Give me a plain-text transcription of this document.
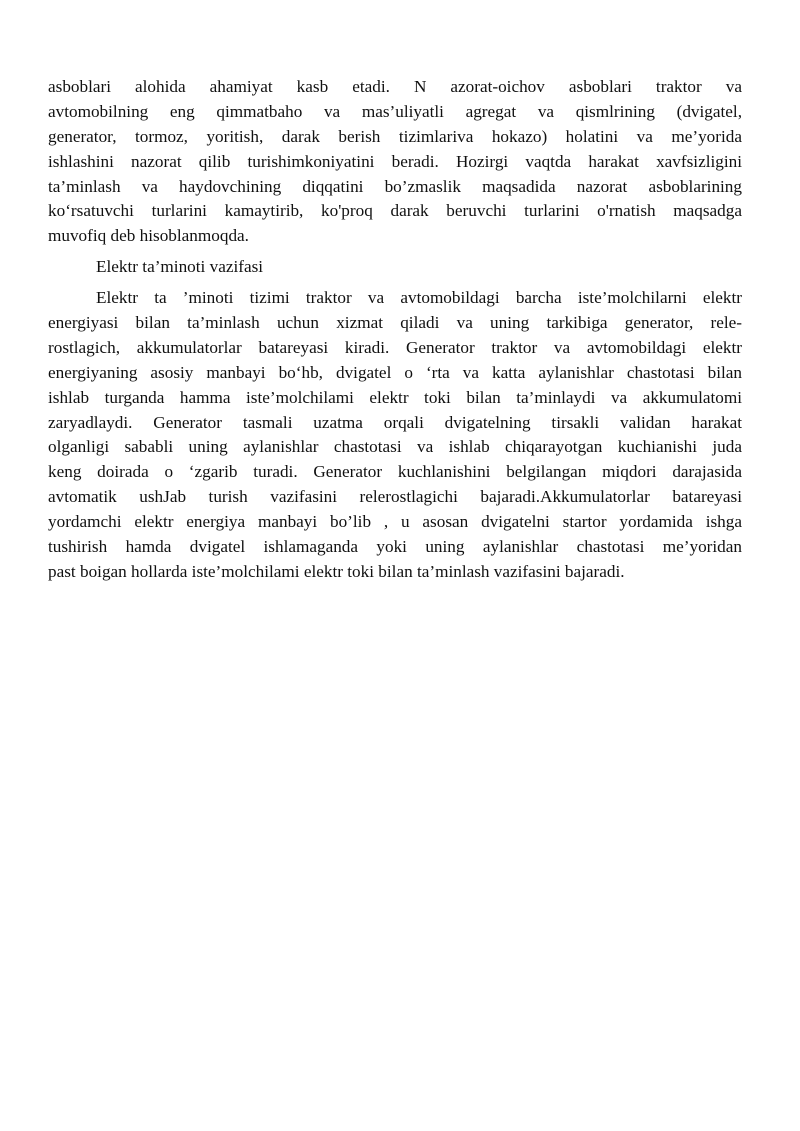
asboblari alohida ahamiyat kasb etadi. N azorat-oichov asboblari traktor va
avtomobilning eng qimmatbaho va mas’uliyatli agregat va qismlrining (dvigatel,
generator, tormoz, yoritish, darak berish tizimlariva hokazo) holatini va me’yorida
ishlashini nazorat qilib turishimkoniyatini beradi. Hozirgi vaqtda harakat xavfsizligini
ta’minlash va haydovchining diqqatini bo’zmaslik maqsadida nazorat asboblarining
ko‘rsatuvchi turlarini kamaytirib, ko'proq darak beruvchi turlarini o'rnatish maqsadga
muvofiq deb hisoblanmoqda.
Elektr ta’minoti vazifasi
Elektr ta ’minoti tizimi traktor va avtomobildagi barcha iste’molchilarni elektr
energiyasi bilan ta’minlash uchun xizmat qiladi va uning tarkibiga generator, rele-
rostlagich, akkumulatorlar batareyasi kiradi. Generator traktor va avtomobildagi elektr
energiyaning asosiy manbayi bo‘hb, dvigatel o ‘rta va katta aylanishlar chastotasi bilan
ishlab turganda hamma iste’molchilami elektr toki bilan ta’minlaydi va akkumulatomi
zaryadlaydi. Generator tasmali uzatma orqali dvigatelning tirsakli validan harakat
olganligi sababli uning aylanishlar chastotasi va ishlab chiqarayotgan kuchianishi juda
keng doirada o ‘zgarib turadi. Generator kuchlanishini belgilangan miqdori darajasida
avtomatik ushJab turish vazifasini relerostlagichi bajaradi.Akkumulatorlar batareyasi
yordamchi elektr energiya manbayi bo’lib , u asosan dvigatelni startor yordamida ishga
tushirish hamda dvigatel ishlamaganda yoki uning aylanishlar chastotasi me’yoridan
past boigan hollarda iste’molchilami elektr toki bilan ta’minlash vazifasini bajaradi.
